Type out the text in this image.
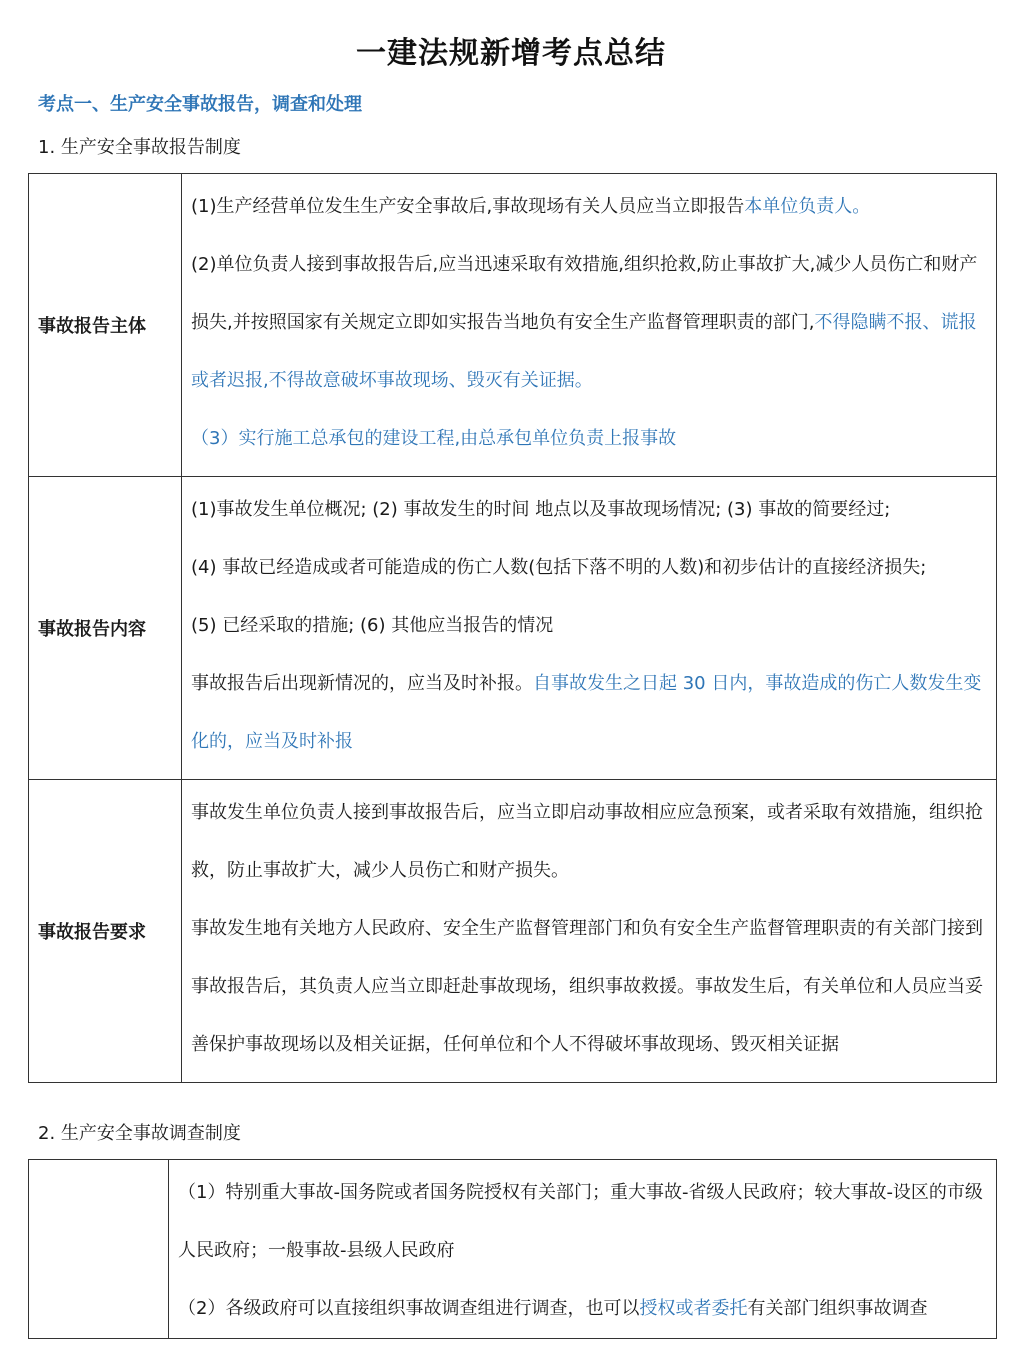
一建法规新增考点总结
考点一、生产安全事故报告，调查和处理
1. 生产安全事故报告制度
事故报告主体	(1)生产经营单位发生生产安全事故后,事故现场有关人员应当立即报告本单位负责人。

(2)单位负责人接到事故报告后,应当迅速采取有效措施,组织抢救,防止事故扩大,减少人员伤亡和财产损失,并按照国家有关规定立即如实报告当地负有安全生产监督管理职责的部门,不得隐瞒不报、谎报或者迟报,不得故意破坏事故现场、毁灭有关证据。

（3）实行施工总承包的建设工程,由总承包单位负责上报事故

事故报告内容	(1)事故发生单位概况; (2) 事故发生的时间 地点以及事故现场情况; (3) 事故的简要经过;

(4) 事故已经造成或者可能造成的伤亡人数(包括下落不明的人数)和初步估计的直接经济损失;

(5) 已经采取的措施; (6) 其他应当报告的情况

事故报告后出现新情况的，应当及时补报。自事故发生之日起 30 日内，事故造成的伤亡人数发生变化的，应当及时补报

事故报告要求	事故发生单位负责人接到事故报告后，应当立即启动事故相应应急预案，或者采取有效措施，组织抢救，防止事故扩大，减少人员伤亡和财产损失。

事故发生地有关地方人民政府、安全生产监督管理部门和负有安全生产监督管理职责的有关部门接到事故报告后，其负责人应当立即赶赴事故现场，组织事故救援。事故发生后，有关单位和人员应当妥善保护事故现场以及相关证据，任何单位和个人不得破坏事故现场、毁灭相关证据

2. 生产安全事故调查制度

（1）特别重大事故-国务院或者国务院授权有关部门；重大事故-省级人民政府；较大事故-设区的市级人民政府；一般事故-县级人民政府

（2）各级政府可以直接组织事故调查组进行调查，也可以授权或者委托有关部门组织事故调查
